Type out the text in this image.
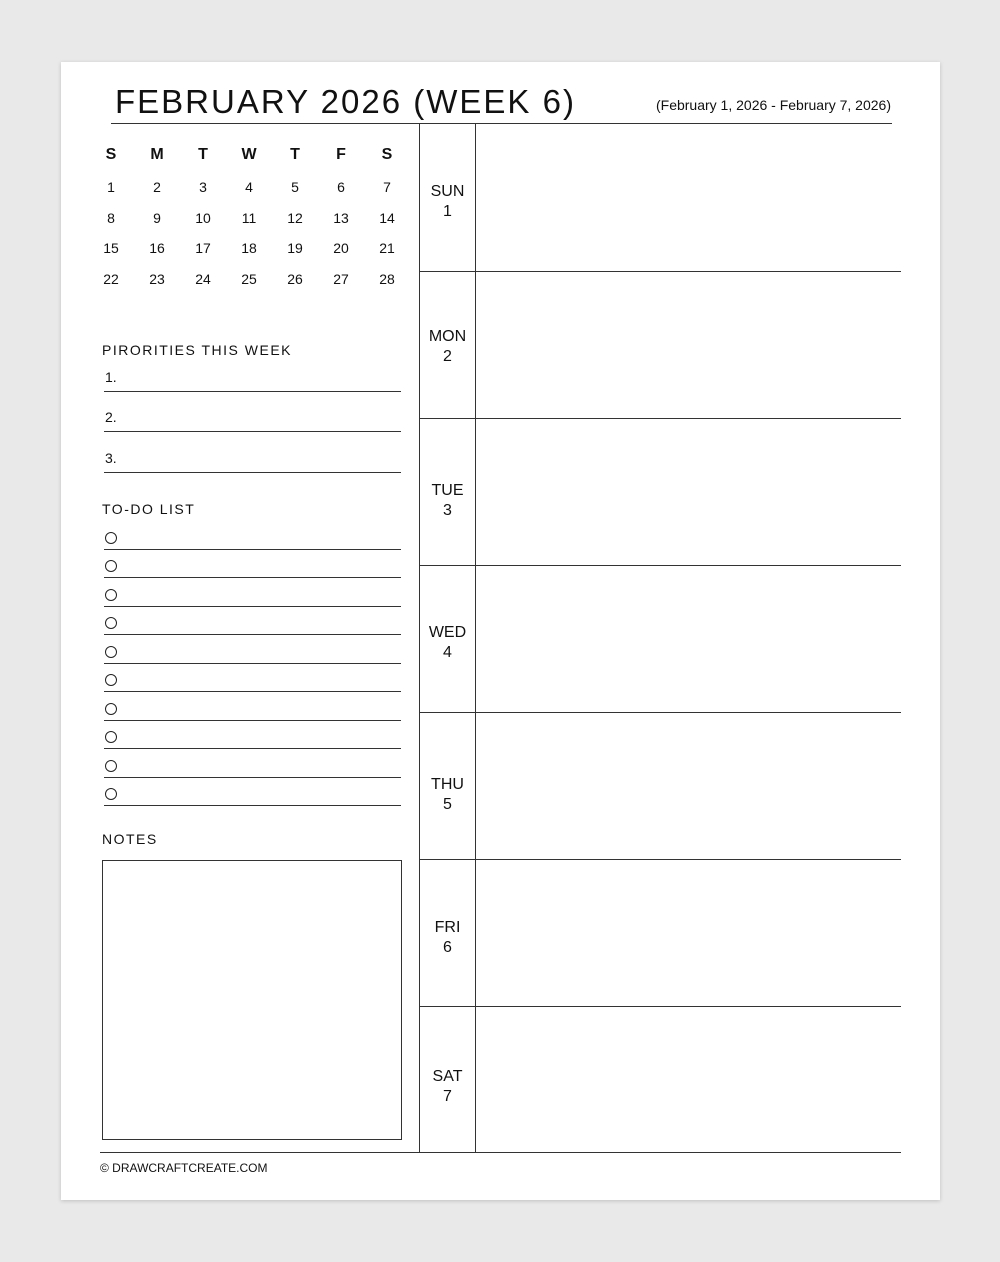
FEBRUARY 2026 (WEEK 6)	(February 1, 2026 - February 7, 2026)
S	M	T	W	T	F	S
1	2	3	4	5	6	7
8	9	10	11	12	13	14
15	16	17	18	19	20	21
22	23	24	25	26	27	28
PIRORITIES THIS WEEK
1.
2.
3.
TO-DO LIST
NOTES
SUN
1
MON
2
TUE
3
WED
4
THU
5
FRI
6
SAT
7
© DRAWCRAFTCREATE.COM
